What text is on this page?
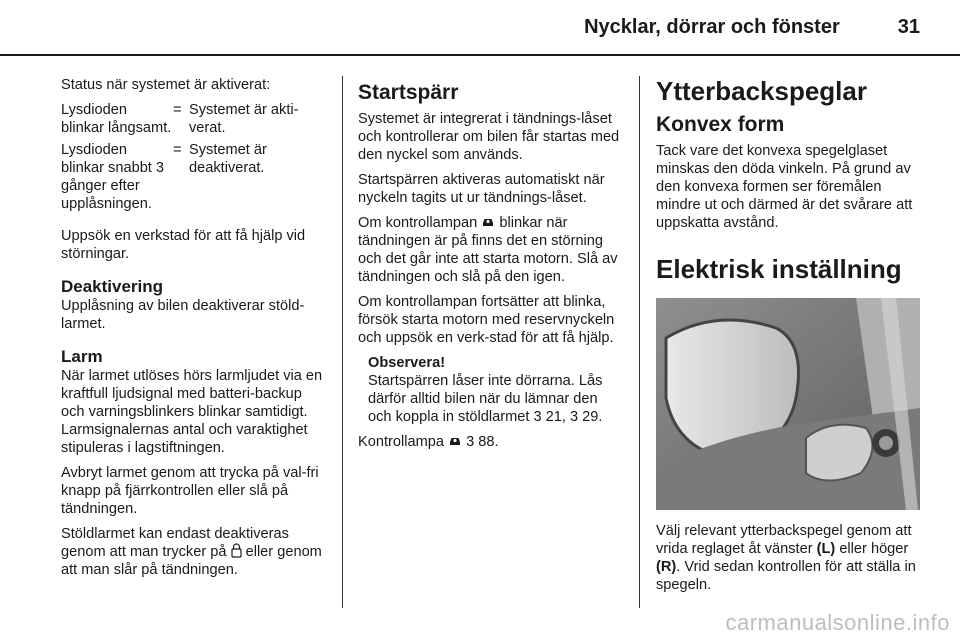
Nycklar, dörrar och fönster	31

Status när systemet är aktiverat:

Lysdioden blinkar långsamt.
= Systemet är akti-verat.
Lysdioden blinkar snabbt 3 gånger efter upplåsningen.
= Systemet är deaktiverat.

Uppsök en verkstad för att få hjälp vid störningar.

Deaktivering

Upplåsning av bilen deaktiverar stöld-larmet.

Larm

När larmet utlöses hörs larmljudet via en kraftfull ljudsignal med batteri-backup och varningsblinkers blinkar samtidigt. Larmsignalernas antal och varaktighet stipuleras i lagstiftningen.

Avbryt larmet genom att trycka på val-fri knapp på fjärrkontrollen eller slå på tändningen.

Stöldlarmet kan endast deaktiveras genom att man trycker på  eller genom att man slår på tändningen.

Startspärr

Systemet är integrerat i tändnings-låset och kontrollerar om bilen får startas med den nyckel som används.

Startspärren aktiveras automatiskt när nyckeln tagits ut ur tändnings-låset.

Om kontrollampan  blinkar när tändningen är på finns det en störning och det går inte att starta motorn. Slå av tändningen och slå på den igen.

Om kontrollampan fortsätter att blinka, försök starta motorn med reservnyckeln och uppsök en verk-stad för att få hjälp.

Observera!
Startspärren låser inte dörrarna. Lås därför alltid bilen när du lämnar den och koppla in stöldlarmet 3 21, 3 29.

Kontrollampa  3 88.

Ytterbackspeglar
Konvex form

Tack vare det konvexa spegelglaset minskas den döda vinkeln. På grund av den konvexa formen ser föremålen mindre ut och därmed är det svårare att uppskatta avstånd.

Elektrisk inställning

Välj relevant ytterbackspegel genom att vrida reglaget åt vänster (L) eller höger (R). Vrid sedan kontrollen för att ställa in spegeln.

carmanualsonline.info
